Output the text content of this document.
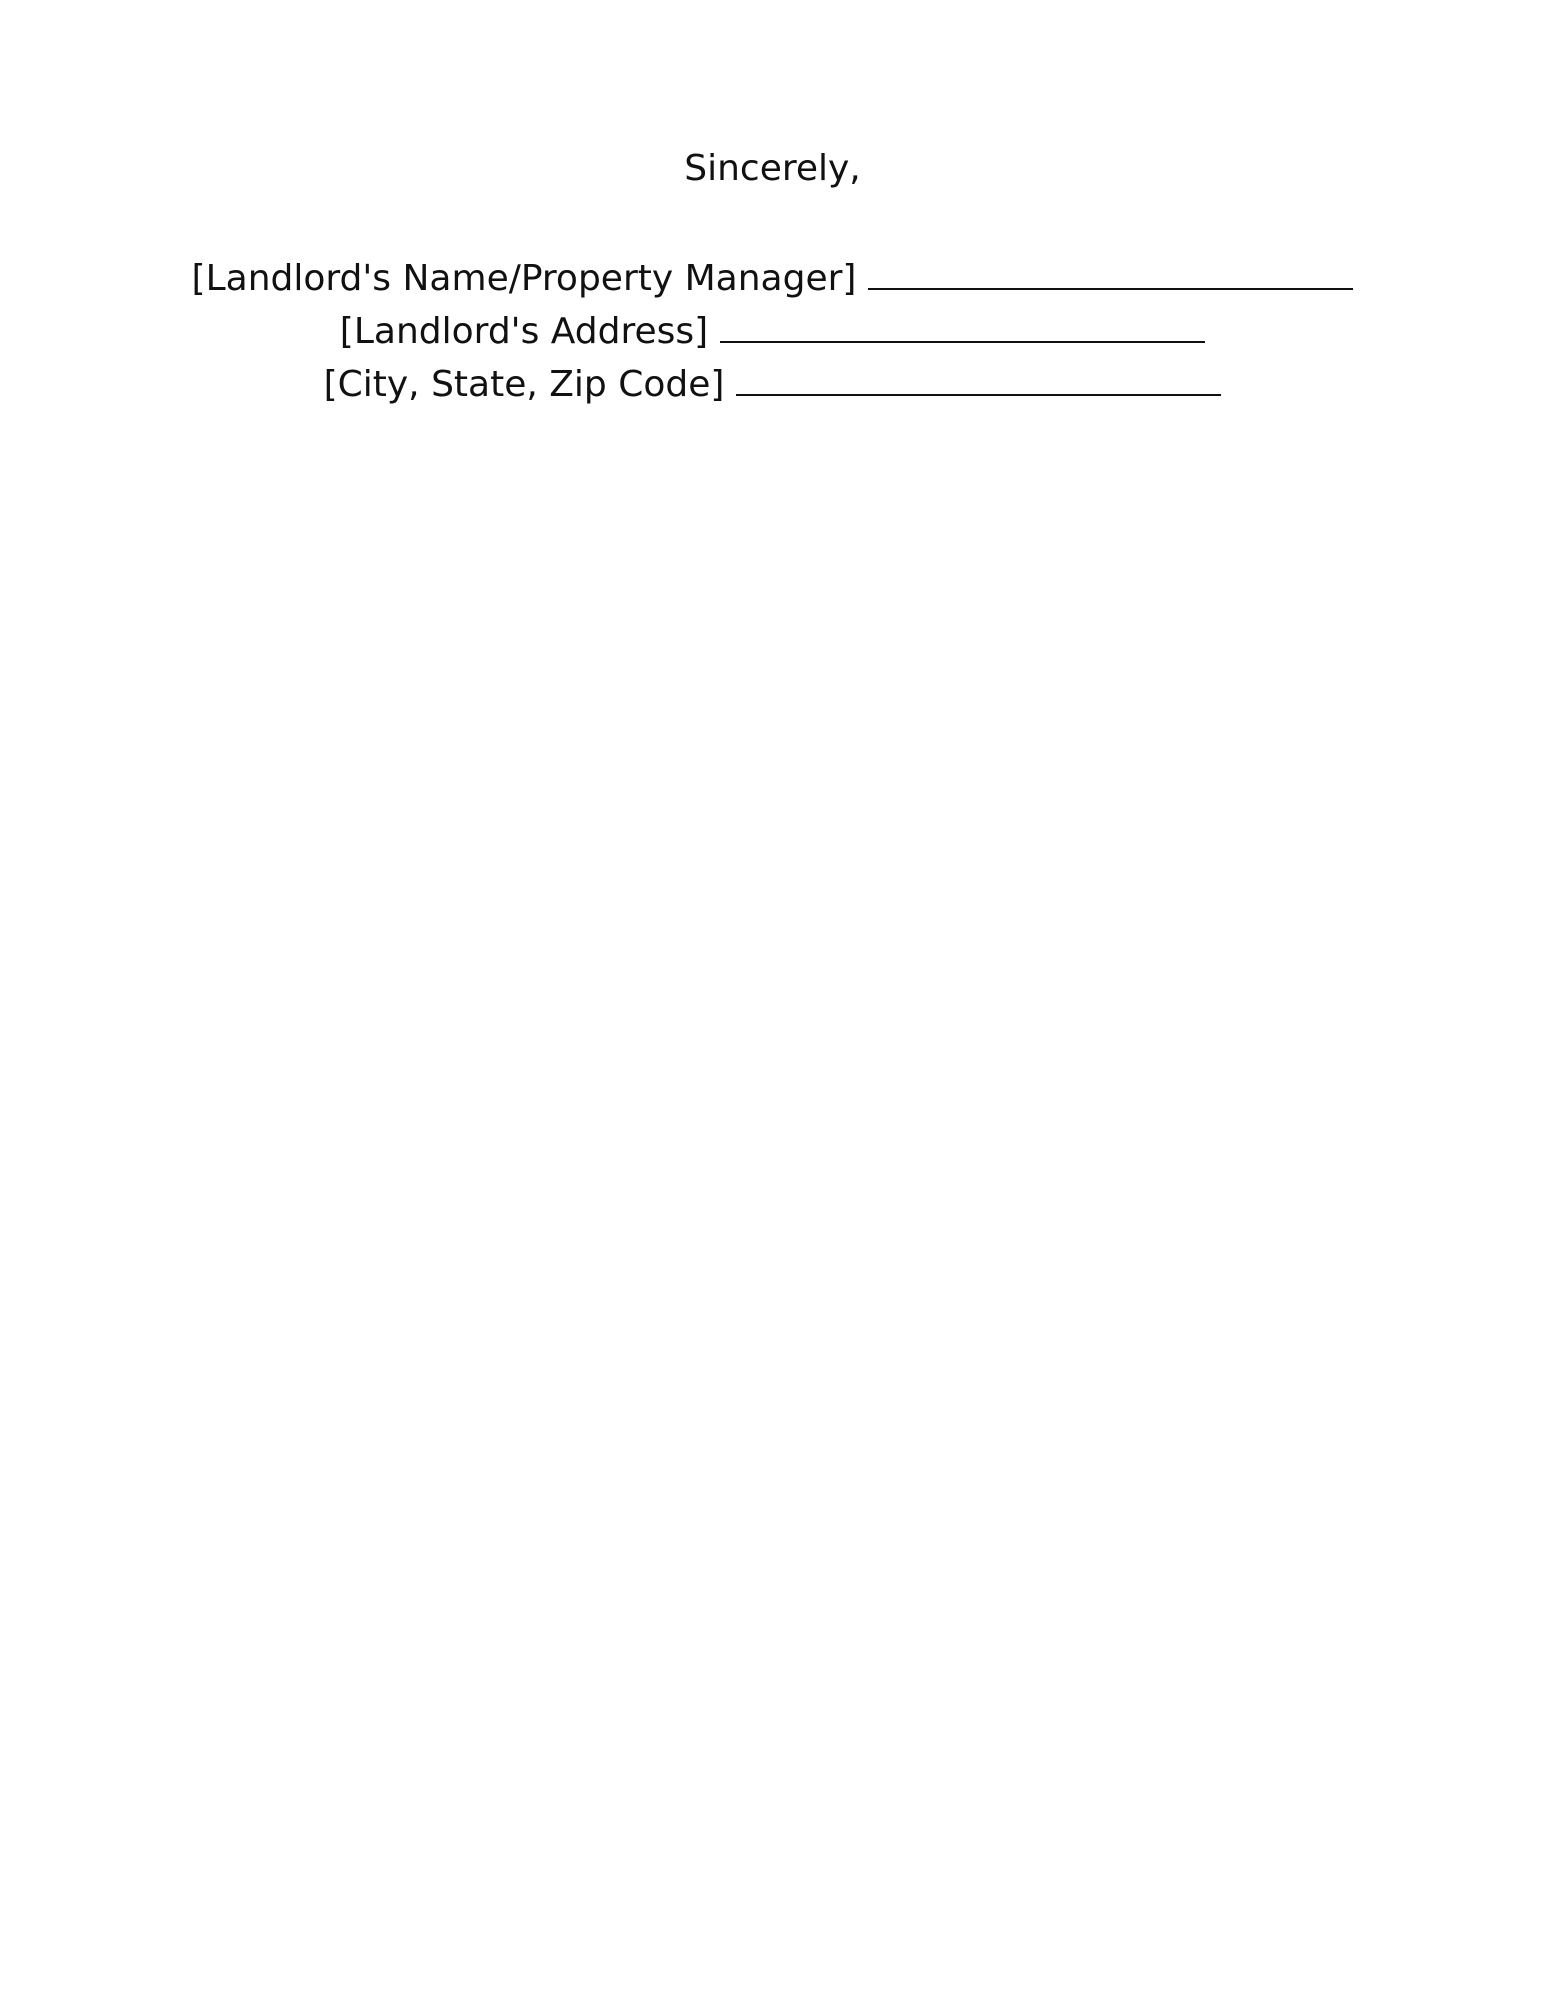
Sincerely,
[Landlord's Name/Property Manager]
[Landlord's Address]
[City, State, Zip Code]
